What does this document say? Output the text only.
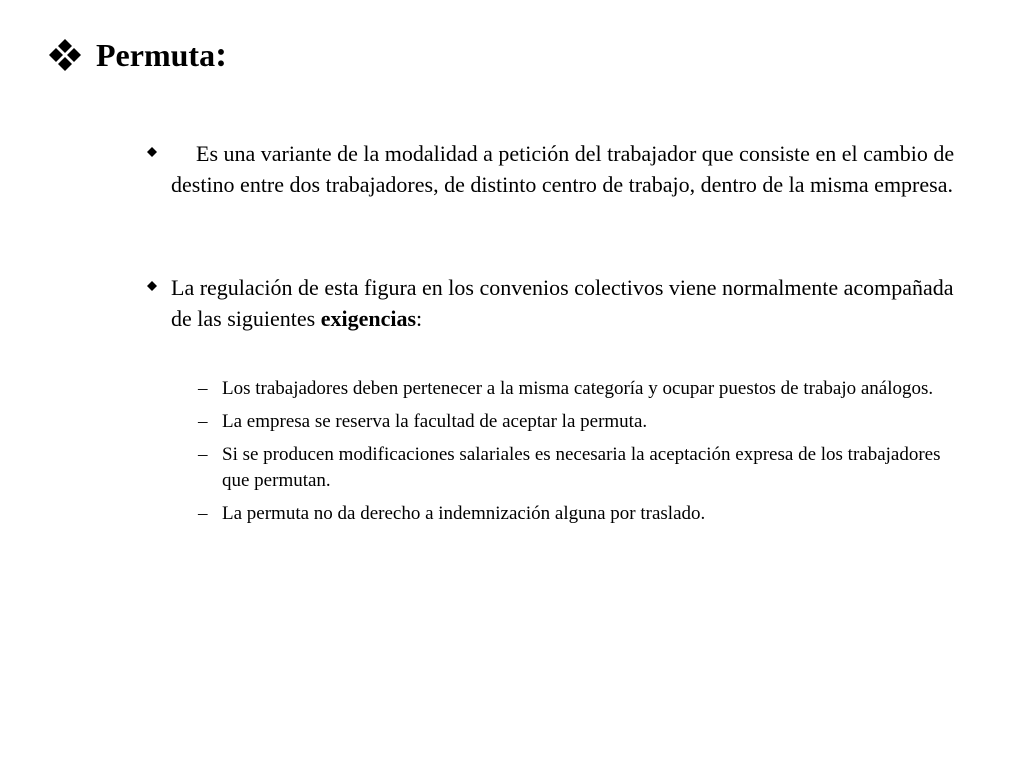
Permuta:
Es una variante de la modalidad a petición del trabajador que consiste en el cambio de destino entre dos trabajadores, de distinto centro de trabajo, dentro de la misma empresa.
La regulación de esta figura en los convenios colectivos viene normalmente acompañada de las siguientes exigencias:
– Los trabajadores deben pertenecer a la misma categoría y ocupar puestos de trabajo análogos.
– La empresa se reserva la facultad de aceptar la permuta.
– Si se producen modificaciones salariales es necesaria la aceptación expresa de los trabajadores que permutan.
– La permuta no da derecho a indemnización alguna por traslado.
